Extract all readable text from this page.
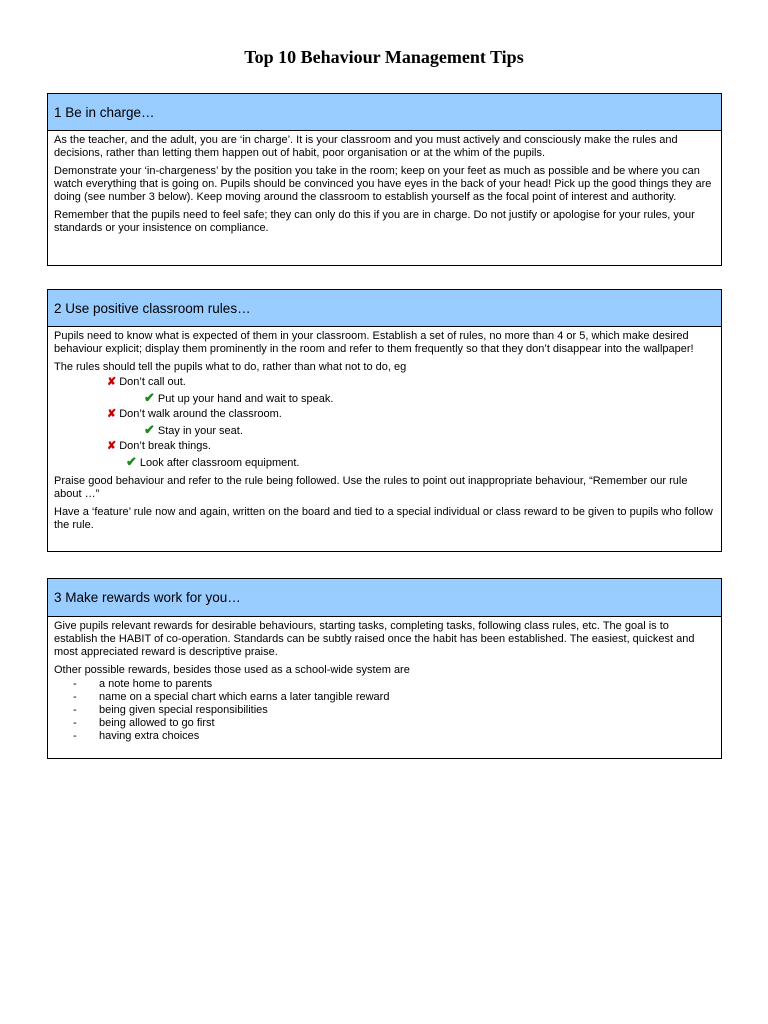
Top 10 Behaviour Management Tips
1 Be in charge…

As the teacher, and the adult, you are ‘in charge’. It is your classroom and you must actively and consciously make the rules and decisions, rather than letting them happen out of habit, poor organisation or at the whim of the pupils.

Demonstrate your ‘in-chargeness’ by the position you take in the room; keep on your feet as much as possible and be where you can watch everything that is going on. Pupils should be convinced you have eyes in the back of your head! Pick up the good things they are doing (see number 3 below). Keep moving around the classroom to establish yourself as the focal point of interest and authority.

Remember that the pupils need to feel safe; they can only do this if you are in charge. Do not justify or apologise for your rules, your standards or your insistence on compliance.

2 Use positive classroom rules…

Pupils need to know what is expected of them in your classroom. Establish a set of rules, no more than 4 or 5, which make desired behaviour explicit; display them prominently in the room and refer to them frequently so that they don’t disappear into the wallpaper!

The rules should tell the pupils what to do, rather than what not to do, eg

✘ Don’t call out.
✔ Put up your hand and wait to speak.
✘ Don’t walk around the classroom.
✔ Stay in your seat.
✘ Don’t break things.
✔ Look after classroom equipment.

Praise good behaviour and refer to the rule being followed. Use the rules to point out inappropriate behaviour, “Remember our rule about …”

Have a ‘feature’ rule now and again, written on the board and tied to a special individual or class reward to be given to pupils who follow the rule.

3 Make rewards work for you…

Give pupils relevant rewards for desirable behaviours, starting tasks, completing tasks, following class rules, etc. The goal is to establish the HABIT of co-operation. Standards can be subtly raised once the habit has been established. The easiest, quickest and most appreciated reward is descriptive praise.

Other possible rewards, besides those used as a school-wide system are

- a note home to parents
- name on a special chart which earns a later tangible reward
- being given special responsibilities
- being allowed to go first
- having extra choices
